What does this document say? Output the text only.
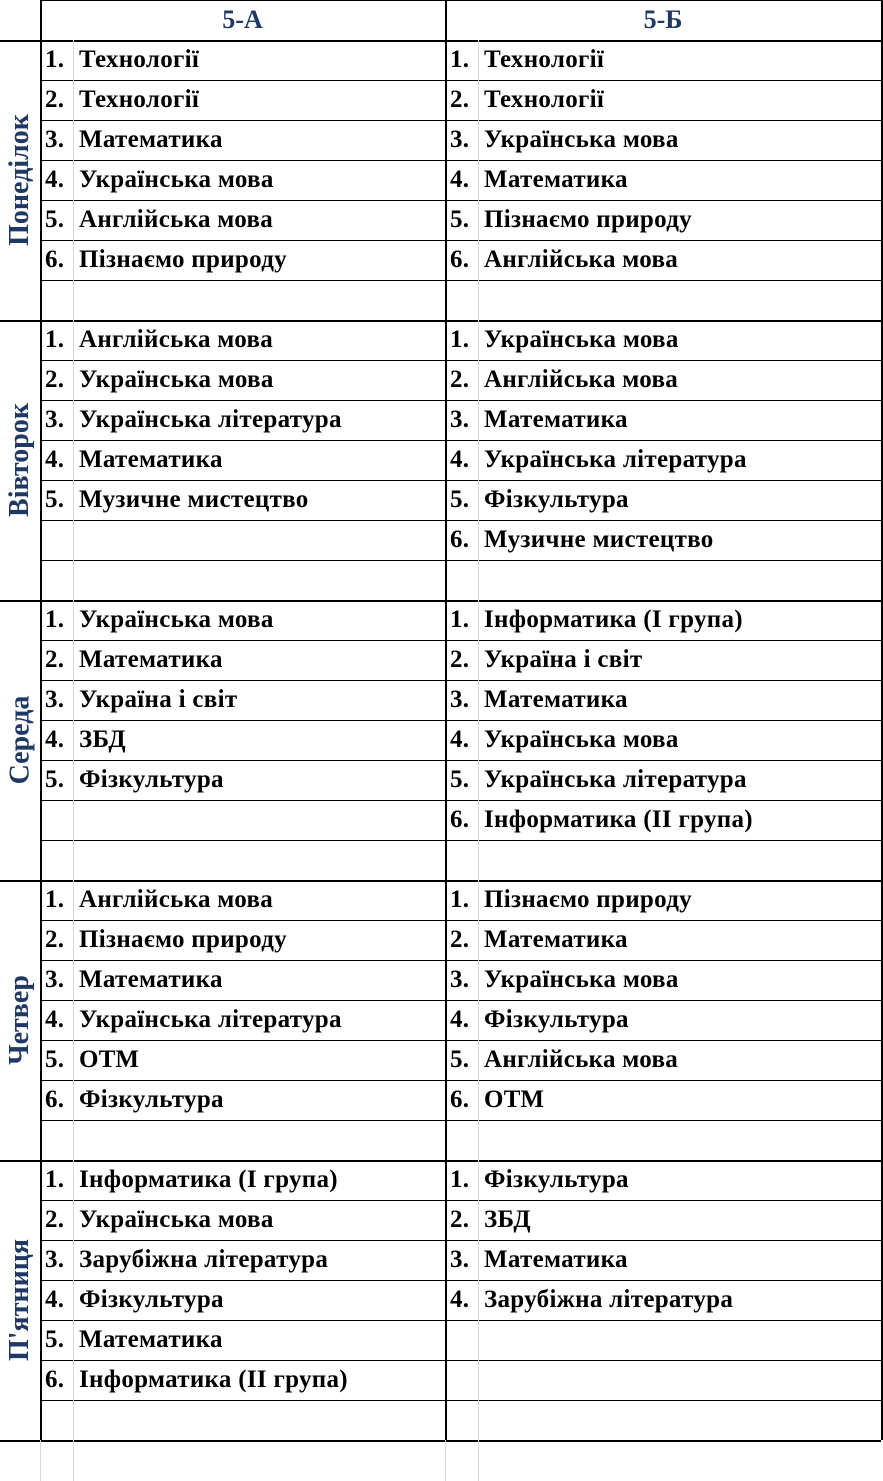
5-А	5-Б
Понеділок
1. Технології
2. Технології
3. Математика
4. Українська мова
5. Англійська мова
6. Пізнаємо природу
1. Технології
2. Технології
3. Українська мова
4. Математика
5. Пізнаємо природу
6. Англійська мова
Вівторок
1. Англійська мова
2. Українська мова
3. Українська література
4. Математика
5. Музичне мистецтво
1. Українська мова
2. Англійська мова
3. Математика
4. Українська література
5. Фізкультура
6. Музичне мистецтво
Середа
1. Українська мова
2. Математика
3. Україна і світ
4. ЗБД
5. Фізкультура
1. Інформатика (І група)
2. Україна і світ
3. Математика
4. Українська мова
5. Українська література
6. Інформатика (ІІ група)
Четвер
1. Англійська мова
2. Пізнаємо природу
3. Математика
4. Українська література
5. ОТМ
6. Фізкультура
1. Пізнаємо природу
2. Математика
3. Українська мова
4. Фізкультура
5. Англійська мова
6. ОТМ
П'ятниця
1. Інформатика (І група)
2. Українська мова
3. Зарубіжна література
4. Фізкультура
5. Математика
6. Інформатика (ІІ група)
1. Фізкультура
2. ЗБД
3. Математика
4. Зарубіжна література
